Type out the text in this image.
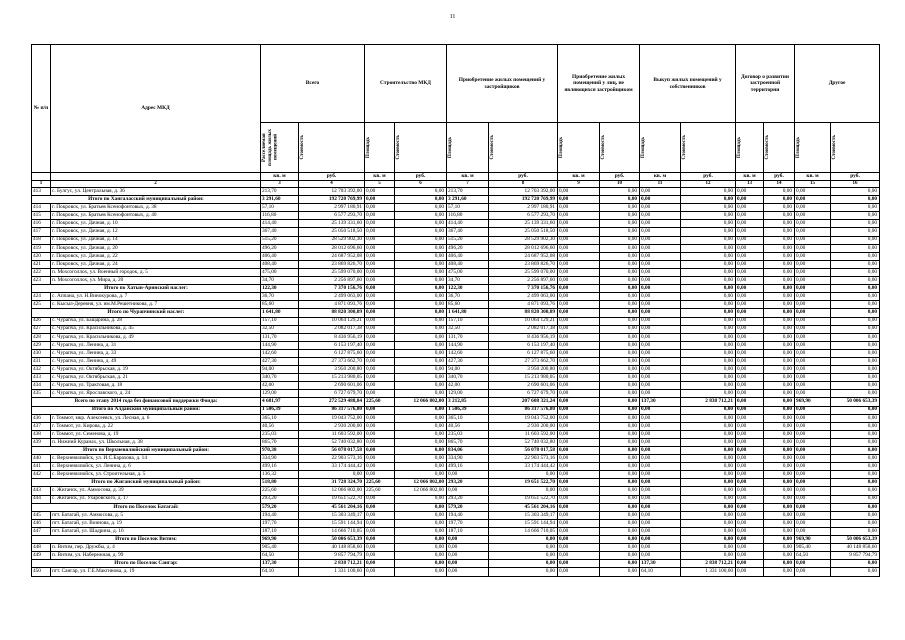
11
№ п/п	Адрес МКД	Всего		Строительство МКД		Приобретение жилых помещений у застройщиков		Приобретение жилых помещений у лиц, не являющихся застройщиком		Выкуп жилых помещений у собственников		Договор о развитии застроенной территории		Другое	

		Расселяемая площадь жилых помещений	Стоимость	Площадь	Стоимость	Площадь	Стоимость	Площадь	Стоимость	Площадь	Стоимость	Площадь	Стоимость	Площадь	Стоимость

		кв. м	руб.	кв. м	руб.	кв. м	руб.	кв. м	руб.	кв. м	руб.	кв. м	руб.	кв. м	руб.
1	2	3	4	5	6	7	8	9	10	11	12	13	14	15	16
413	с. Булгус, ул. Центральная, д. 36	213,70	12 703 392,00	0,00	0,00	213,70	12 703 392,00	0,00	0,00	0,00	0,00	0,00	0,00	0,00	0,00
Итого по Хангаласский муниципальный район:		3 291,60	192 720 769,99	0,00	0,00	3 291,60	192 720 769,99	0,00	0,00	0,00	0,00	0,00	0,00	0,00	0,00
414	г. Покровск, ул. Братьев Ксенофонтовых, д. 38	57,10	2 997 180,91	0,00	0,00	57,10	2 997 180,91	0,00	0,00	0,00	0,00	0,00	0,00	0,00	0,00
415	г. Покровск, ул. Братьев Ксенофонтовых, д. 40	116,80	6 577 293,70	0,00	0,00	116,80	6 577 293,70	0,00	0,00	0,00	0,00	0,00	0,00	0,00	0,00
416	г. Покровск, ул. Дачная, д. 10	414,40	25 139 331,60	0,00	0,00	414,40	25 139 331,60	0,00	0,00	0,00	0,00	0,00	0,00	0,00	0,00
417	г. Покровск, ул. Дачная, д. 12	367,40	25 050 518,50	0,00	0,00	367,40	25 050 518,50	0,00	0,00	0,00	0,00	0,00	0,00	0,00	0,00
418	г. Покровск, ул. Дачная, д. 14	515,20	28 529 902,30	0,00	0,00	515,20	28 529 902,30	0,00	0,00	0,00	0,00	0,00	0,00	0,00	0,00
419	г. Покровск, ул. Дачная, д. 20	496,20	28 012 696,60	0,00	0,00	496,20	28 012 696,60	0,00	0,00	0,00	0,00	0,00	0,00	0,00	0,00
420	г. Покровск, ул. Дачная, д. 22	406,40	24 687 952,08	0,00	0,00	406,40	24 687 952,08	0,00	0,00	0,00	0,00	0,00	0,00	0,00	0,00
421	г. Покровск, ул. Дачная, д. 24	408,40	23 869 826,70	0,00	0,00	408,40	23 869 826,70	0,00	0,00	0,00	0,00	0,00	0,00	0,00	0,00
422	п. Мохсоголлох, ул. Военный городок, д. 5	475,00	25 599 070,00	0,00	0,00	475,00	25 599 070,00	0,00	0,00	0,00	0,00	0,00	0,00	0,00	0,00
423	п. Мохсоголлох, ул. Мира, д. 20	34,70	2 256 897,60	0,00	0,00	34,70	2 256 897,60	0,00	0,00	0,00	0,00	0,00	0,00	0,00	0,00
Итого по Хатын-Аринский наслег:		122,30	7 370 156,76	0,00	0,00	122,30	7 370 156,76	0,00	0,00	0,00	0,00	0,00	0,00	0,00	0,00
424	с. Аппана, ул. Н.Винокурова, д. 7	36,70	2 499 063,00	0,00	0,00	36,70	2 499 063,00	0,00	0,00	0,00	0,00	0,00	0,00	0,00	0,00
425	с. Кысыл-Деревня, ул. им.М.Решетникова, д. 7	85,60	4 871 093,76	0,00	0,00	85,60	4 871 093,76	0,00	0,00	0,00	0,00	0,00	0,00	0,00	0,00
Итого по Чурапчинский наслег:		1 641,80	88 820 300,09	0,00	0,00	1 641,80	88 820 300,09	0,00	0,00	0,00	0,00	0,00	0,00	0,00	0,00
426	с. Чурапча, ул. Бащарина, д. 28	157,10	10 064 129,21	0,00	0,00	157,10	10 064 129,21	0,00	0,00	0,00	0,00	0,00	0,00	0,00	0,00
427	с. Чурапча, ул. Красильникова, д. 45	32,50	2 082 017,38	0,00	0,00	32,50	2 082 017,38	0,00	0,00	0,00	0,00	0,00	0,00	0,00	0,00
428	с. Чурапча, ул. Красильникова, д. 49	131,70	8 436 956,19	0,00	0,00	131,70	8 436 956,19	0,00	0,00	0,00	0,00	0,00	0,00	0,00	0,00
429	с. Чурапча, ул. Ленина, д. 31	144,90	6 153 197,40	0,00	0,00	144,90	6 153 197,40	0,00	0,00	0,00	0,00	0,00	0,00	0,00	0,00
430	с. Чурапча, ул. Ленина, д. 33	142,60	6 127 875,60	0,00	0,00	142,60	6 127 875,60	0,00	0,00	0,00	0,00	0,00	0,00	0,00	0,00
431	с. Чурапча, ул. Ленина, д. 49	427,30	27 373 662,70	0,00	0,00	427,30	27 373 662,70	0,00	0,00	0,00	0,00	0,00	0,00	0,00	0,00
432	с. Чурапча, ул. Октябрьская, д. 19	94,00	3 950 200,80	0,00	0,00	94,00	3 950 200,80	0,00	0,00	0,00	0,00	0,00	0,00	0,00	0,00
433	с. Чурапча, ул. Октябрьская, д. 21	340,70	15 213 980,05	0,00	0,00	340,70	15 213 980,05	0,00	0,00	0,00	0,00	0,00	0,00	0,00	0,00
434	с. Чурапча, ул. Трактовая, д. 18	42,00	2 690 601,06	0,00	0,00	42,00	2 690 601,06	0,00	0,00	0,00	0,00	0,00	0,00	0,00	0,00
435	с. Чурапча, ул. Ярославского, д. 24	129,00	6 727 679,70	0,00	0,00	129,00	6 727 679,70	0,00	0,00	0,00	0,00	0,00	0,00	0,00	0,00
Всего по этапу 2014 года без финансовой поддержки Фонда:		4 681,97	272 529 488,84	225,60	12 066 802,00	3 212,85	207 608 321,24	0,00	0,00	137,30	2 838 712,21	0,00	0,00	969,90	50 006 653,39
Итого по Алданский муниципальный район:		1 506,39	86 317 576,80	0,00	0,00	1 506,39	86 317 576,80	0,00	0,00	0,00	0,00	0,00	0,00	0,00	0,00
436	г. Томмот, мкр. Алексеевск, ул. Лесная, д. 6	365,10	19 043 752,00	0,00	0,00	365,10	19 043 752,00	0,00	0,00	0,00	0,00	0,00	0,00	0,00	0,00
437	г. Томмот, ул. Кирова, д. 22	40,56	2 930 200,00	0,00	0,00	40,56	2 930 200,00	0,00	0,00	0,00	0,00	0,00	0,00	0,00	0,00
438	г. Томмот, ул. Семенова, д. 19	235,03	11 603 592,00	0,00	0,00	235,03	11 603 592,00	0,00	0,00	0,00	0,00	0,00	0,00	0,00	0,00
439	п. Нижний Куранах, ул. Школьная, д. 38	865,70	52 740 032,80	0,00	0,00	865,70	52 740 032,80	0,00	0,00	0,00	0,00	0,00	0,00	0,00	0,00
Итого по Верхневилюйский муниципальный район:		970,38	56 078 017,58	0,00	0,00	834,06	56 078 017,58	0,00	0,00	0,00	0,00	0,00	0,00	0,00	0,00
440	с. Верхневилюйск, ул. И.С.Барахова, д. 14	334,90	22 903 573,16	0,00	0,00	334,90	22 903 573,16	0,00	0,00	0,00	0,00	0,00	0,00	0,00	0,00
441	с. Верхневилюйск, ул. Ленина, д. 6	499,16	33 174 444,42	0,00	0,00	499,16	33 174 444,42	0,00	0,00	0,00	0,00	0,00	0,00	0,00	0,00
442	с. Верхневилюйск, ул. Строительная, д. 5	136,32	0,00	0,00	0,00	0,00	0,00	0,00	0,00	0,00	0,00	0,00	0,00	0,00	0,00
Итого по Жиганский муниципальный район:		518,80	31 728 324,70	225,60	12 066 802,00	293,20	19 651 522,70	0,00	0,00	0,00	0,00	0,00	0,00	0,00	0,00
443	с. Жиганск, ул. Аммосова, д. 39	225,60	12 066 802,00	225,60	12 066 802,00	0,00	0,00	0,00	0,00	0,00	0,00	0,00	0,00	0,00	0,00
444	с. Жиганск, ул. Ухаровского, д. 17	293,20	19 651 522,70	0,00	0,00	293,20	19 651 522,70	0,00	0,00	0,00	0,00	0,00	0,00	0,00	0,00
Итого по Поселок Батагай:		579,20	45 561 204,16	0,00	0,00	579,20	45 561 204,16	0,00	0,00	0,00	0,00	0,00	0,00	0,00	0,00
445	пгт. Батагай, ул. Аммосова, д. 5	194,40	15 303 349,17	0,00	0,00	194,40	15 303 349,17	0,00	0,00	0,00	0,00	0,00	0,00	0,00	0,00
446	пгт. Батагай, ул. Воинова, д. 19	197,70	15 591 144,94	0,00	0,00	197,70	15 591 144,94	0,00	0,00	0,00	0,00	0,00	0,00	0,00	0,00
447	пгт. Батагай, ул. Шадрина, д. 16	187,10	14 666 710,05	0,00	0,00	187,10	14 666 710,05	0,00	0,00	0,00	0,00	0,00	0,00	0,00	0,00
Итого по Поселок Витим:		969,90	50 006 653,39	0,00	0,00	0,00	0,00	0,00	0,00	0,00	0,00	0,00	0,00	969,90	50 006 653,39
448	п. Витим, пер. Дружбы, д. 4	905,40	40 148 858,60	0,00	0,00	0,00	0,00	0,00	0,00	0,00	0,00	0,00	0,00	905,40	40 148 858,60
449	п. Витим, ул. Набережная, д. 99	64,50	9 857 794,79	0,00	0,00	0,00	0,00	0,00	0,00	0,00	0,00	0,00	0,00	64,50	9 857 794,79
Итого по Поселок Сангар:		137,30	2 838 712,21	0,00	0,00	0,00	0,00	0,00	0,00	137,30	2 838 712,21	0,00	0,00	0,00	0,00
450	пгт. Сангар, ул. Г.Е.Макгинова, д. 19	64,10	1 331 100,60	0,00	0,00	0,00	0,00	0,00	0,00	64,10	1 331 100,60	0,00	0,00	0,00	0,00
